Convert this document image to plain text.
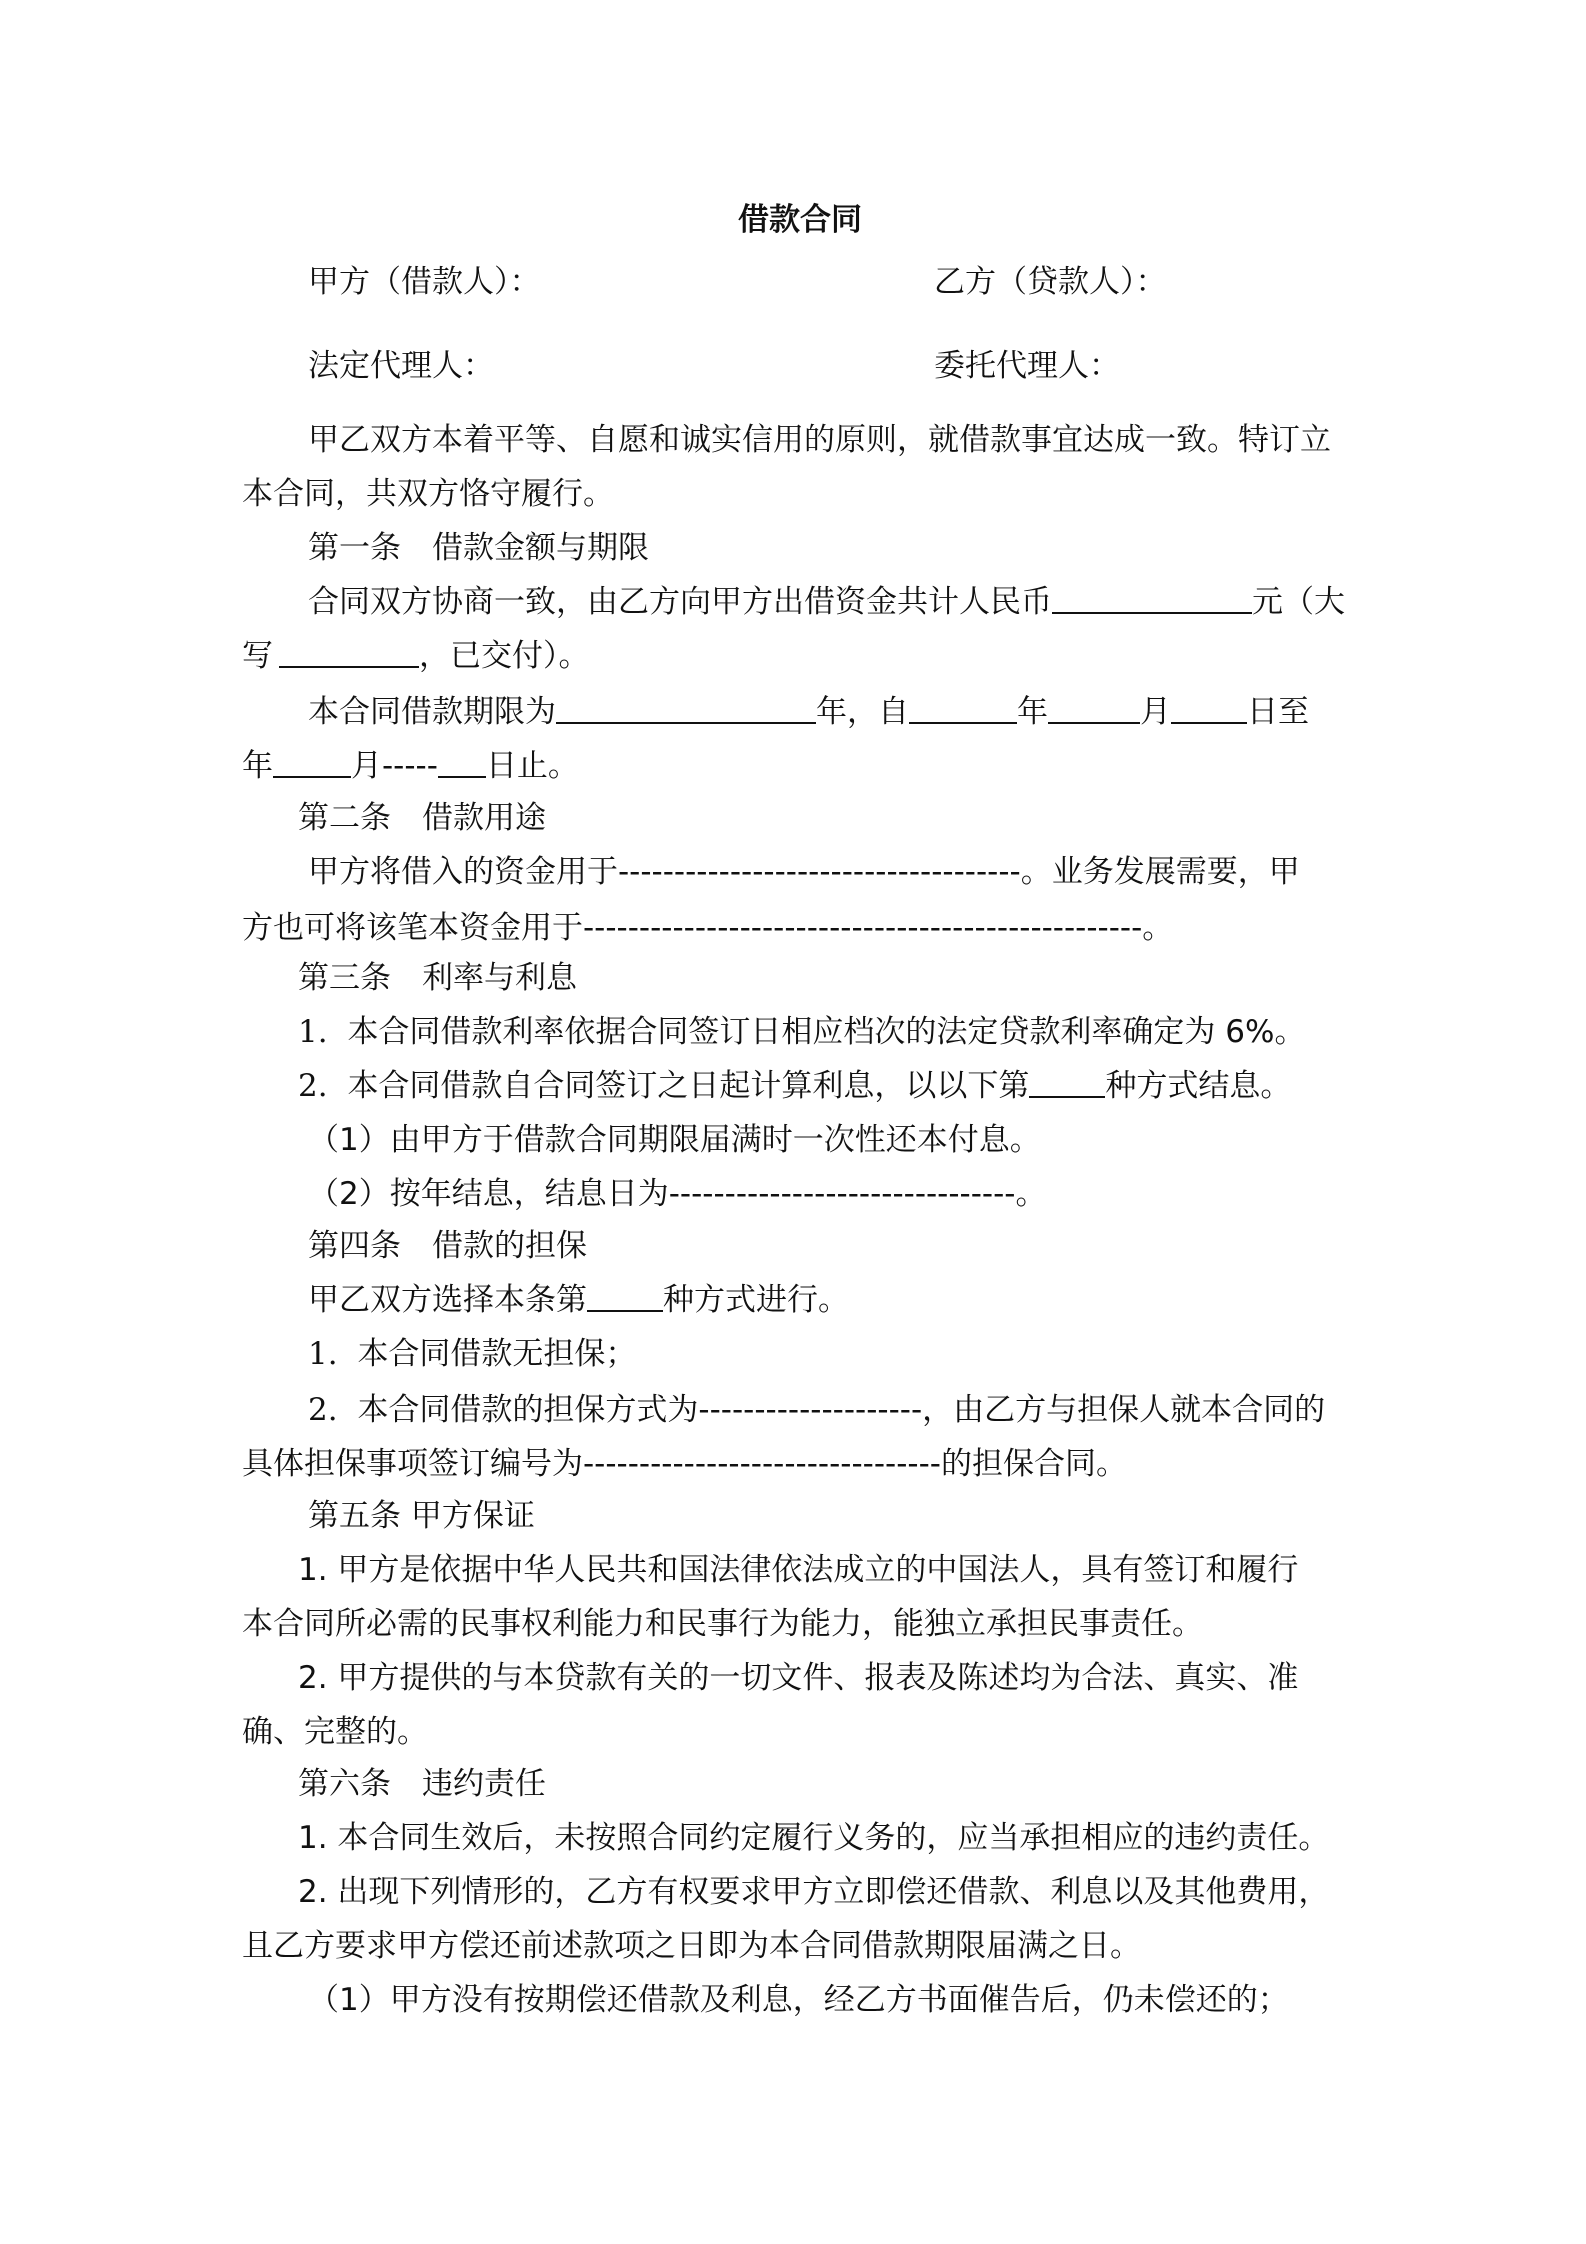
借款合同
甲方（借款人）：	乙方（贷款人）：
法定代理人：	委托代理人：
甲乙双方本着平等、自愿和诚实信用的原则，就借款事宜达成一致。特订立
本合同，共双方恪守履行。
第一条　借款金额与期限
合同双方协商一致，由乙方向甲方出借资金共计人民币	元（大
写	，已交付）。
本合同借款期限为	年，自	年	月 日至
年	月----- 日止。
第二条　借款用途
甲方将借入的资金用于------------------------------------。业务发展需要，甲
方也可将该笔本资金用于--------------------------------------------------。
第三条　利率与利息
1. 本合同借款利率依据合同签订日相应档次的法定贷款利率确定为 6%。
2. 本合同借款自合同签订之日起计算利息，以以下第 种方式结息。
（1）由甲方于借款合同期限届满时一次性还本付息。
（2）按年结息，结息日为-------------------------------。
第四条　借款的担保
甲乙双方选择本条第 种方式进行。
1. 本合同借款无担保；
2. 本合同借款的担保方式为--------------------，由乙方与担保人就本合同的
具体担保事项签订编号为--------------------------------的担保合同。
第五条 甲方保证
1. 甲方是依据中华人民共和国法律依法成立的中国法人，具有签订和履行
本合同所必需的民事权利能力和民事行为能力，能独立承担民事责任。
2. 甲方提供的与本贷款有关的一切文件、报表及陈述均为合法、真实、准
确、完整的。
第六条　违约责任
1. 本合同生效后，未按照合同约定履行义务的，应当承担相应的违约责任。
2. 出现下列情形的，乙方有权要求甲方立即偿还借款、利息以及其他费用，
且乙方要求甲方偿还前述款项之日即为本合同借款期限届满之日。
（1）甲方没有按期偿还借款及利息，经乙方书面催告后，仍未偿还的；
